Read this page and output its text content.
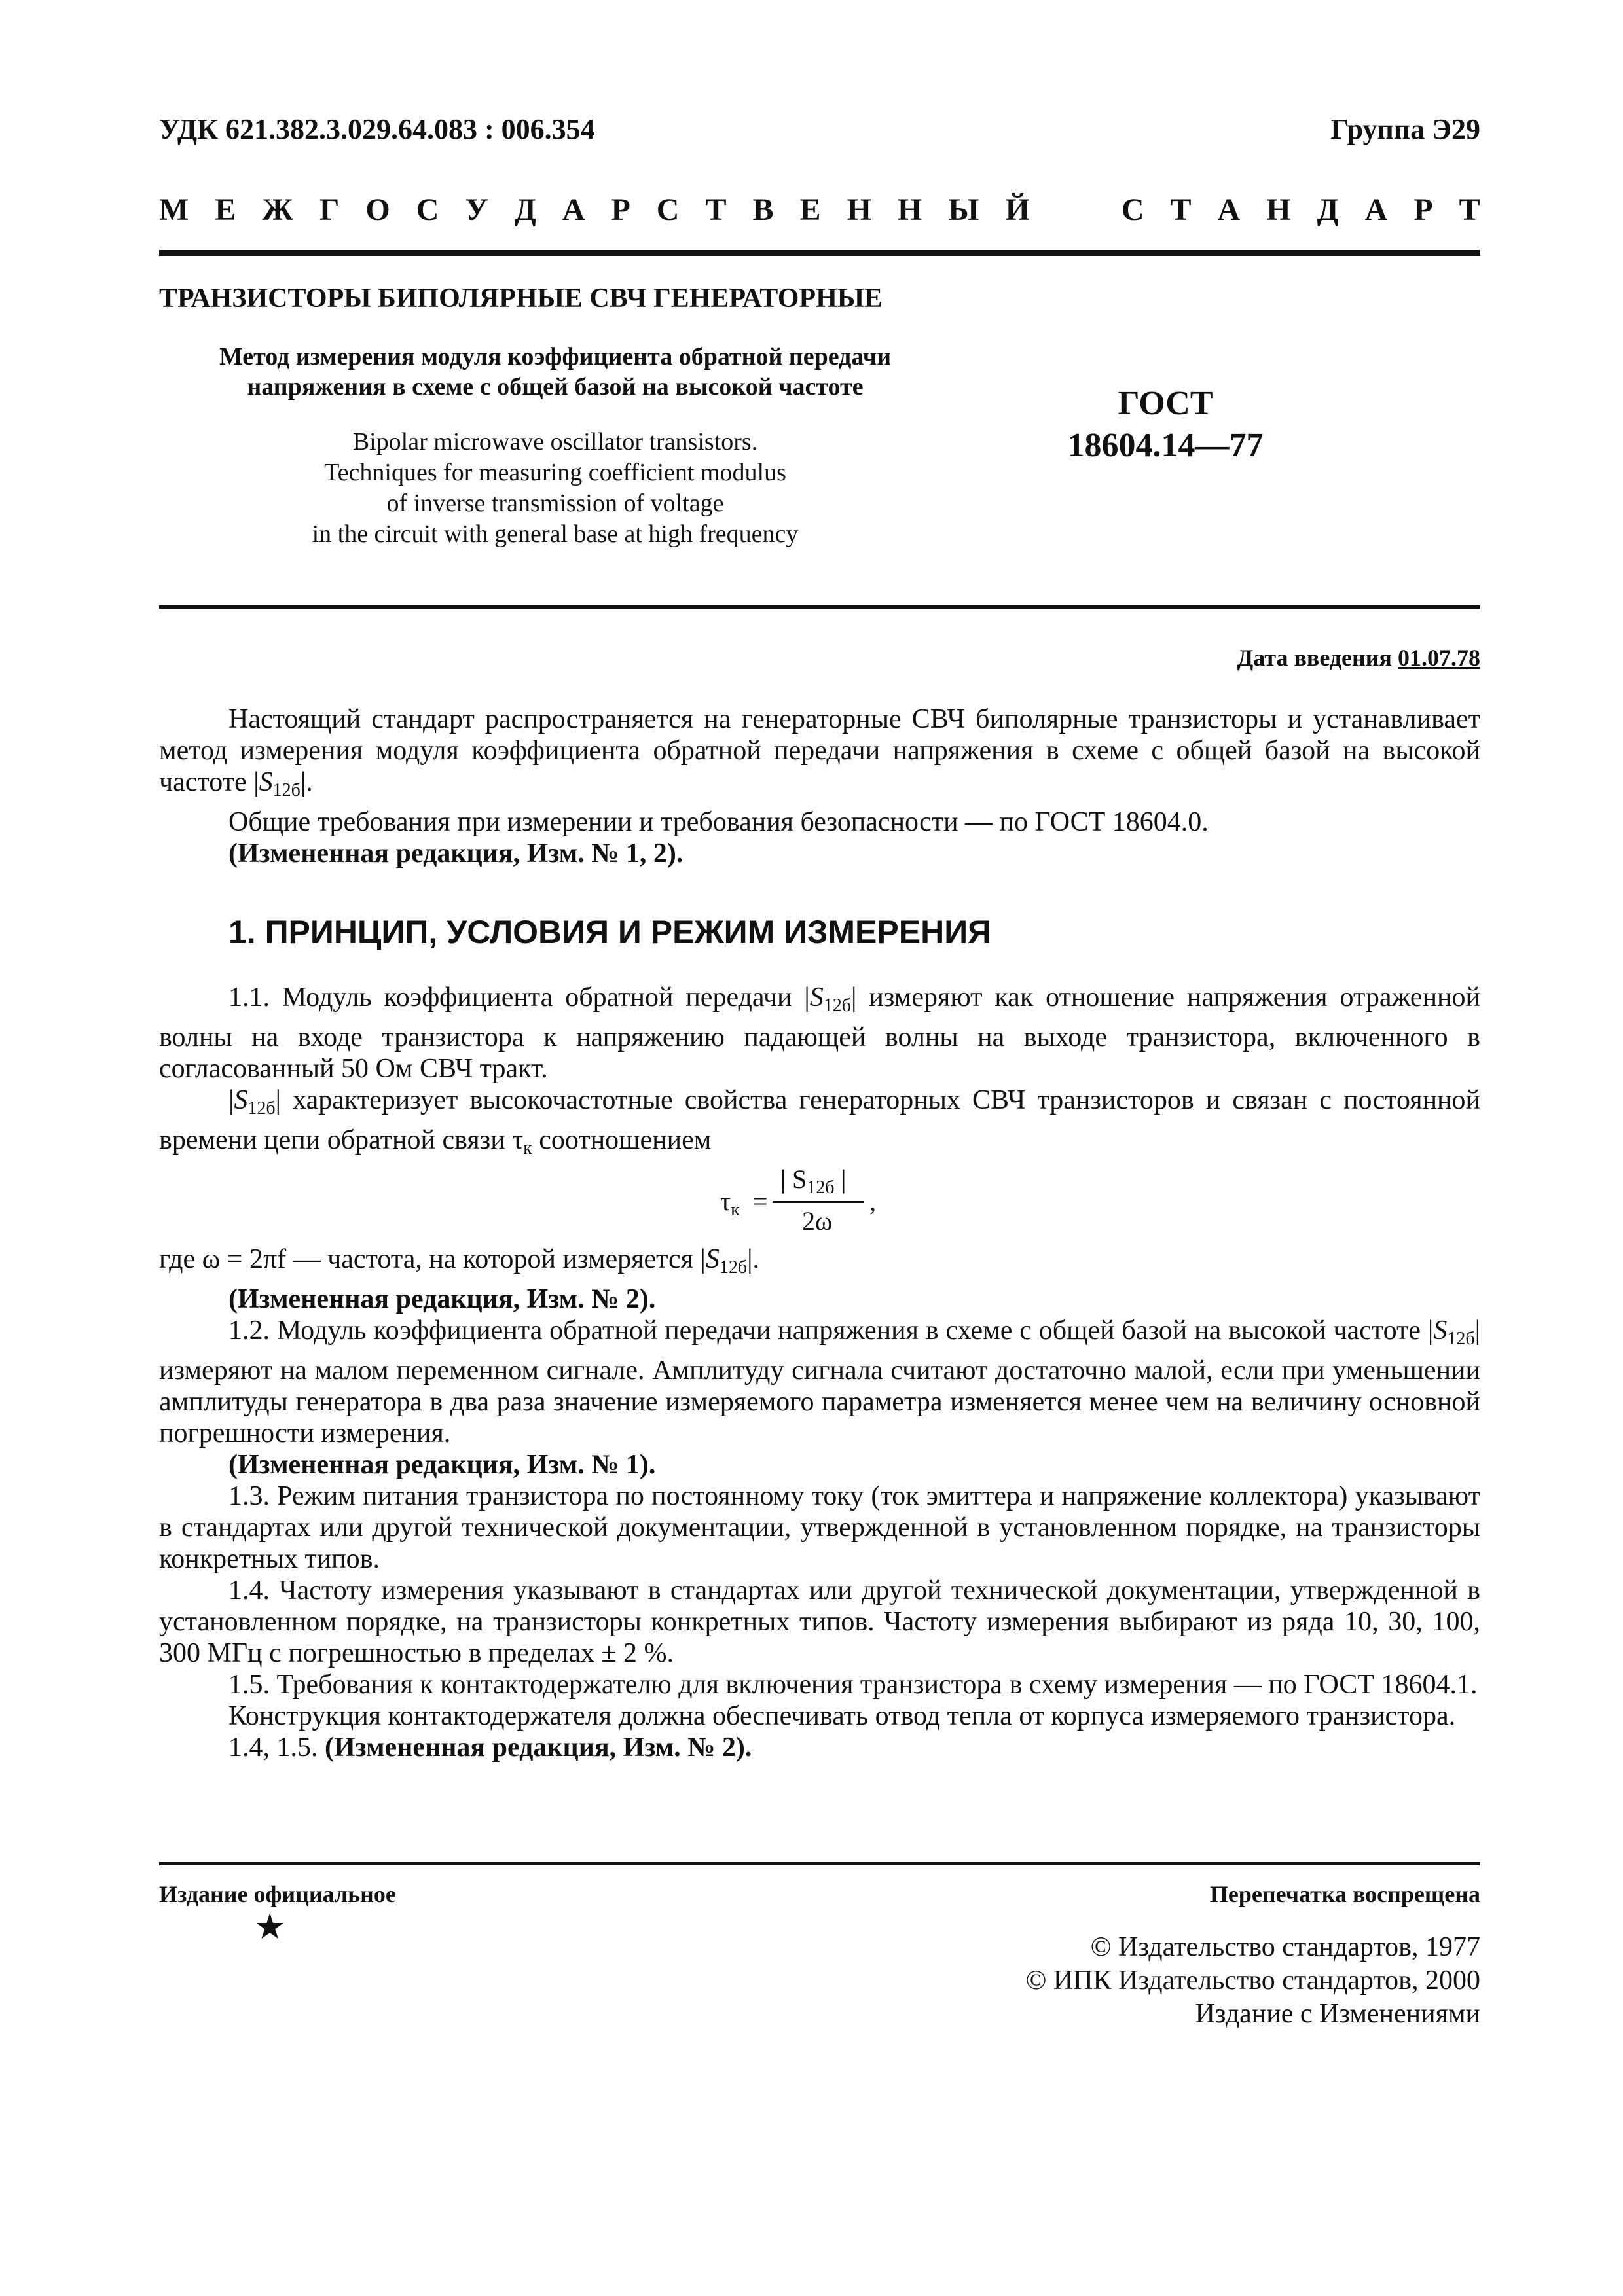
УДК 621.382.3.029.64.083 : 006.354	Группа Э29
М Е Ж Г О С У Д А Р С Т В Е Н Н Ы Й	С Т А Н Д А Р Т
ТРАНЗИСТОРЫ БИПОЛЯРНЫЕ СВЧ ГЕНЕРАТОРНЫЕ
Метод измерения модуля коэффициента обратной передачи
напряжения в схеме с общей базой на высокой частоте
Bipolar microwave oscillator transistors.
Techniques for measuring coefficient modulus
of inverse transmission of voltage
in the circuit with general base at high frequency
ГОСТ
18604.14—77
Дата введения 01.07.78

Настоящий стандарт распространяется на генераторные СВЧ биполярные транзисторы и устанавливает метод измерения модуля коэффициента обратной передачи напряжения в схеме с общей базой на высокой частоте $|S_{12б}|$.

Общие требования при измерении и требования безопасности — по ГОСТ 18604.0.

(Измененная редакция, Изм. № 1, 2).

1. ПРИНЦИП, УСЛОВИЯ И РЕЖИМ ИЗМЕРЕНИЯ

1.1. Модуль коэффициента обратной передачи $|S_{12б}|$ измеряют как отношение напряжения отраженной волны на входе транзистора к напряжению падающей волны на выходе транзистора, включенного в согласованный 50 Ом СВЧ тракт.

$|S_{12б}|$ характеризует высокочастотные свойства генераторных СВЧ транзисторов и связан с постоянной времени цепи обратной связи $\tau_к$ соотношением

$\tau_к$ =
| $S_{12б}$ |
2ω
,

где ω = 2πf — частота, на которой измеряется $|S_{12б}|$.

(Измененная редакция, Изм. № 2).

1.2. Модуль коэффициента обратной передачи напряжения в схеме с общей базой на высокой частоте $|S_{12б}|$ измеряют на малом переменном сигнале. Амплитуду сигнала считают достаточно малой, если при уменьшении амплитуды генератора в два раза значение измеряемого параметра изменяется менее чем на величину основной погрешности измерения.

(Измененная редакция, Изм. № 1).

1.3. Режим питания транзистора по постоянному току (ток эмиттера и напряжение коллектора) указывают в стандартах или другой технической документации, утвержденной в установленном порядке, на транзисторы конкретных типов.

1.4. Частоту измерения указывают в стандартах или другой технической документации, утвержденной в установленном порядке, на транзисторы конкретных типов. Частоту измерения выбирают из ряда 10, 30, 100, 300 МГц с погрешностью в пределах ± 2 %.

1.5. Требования к контактодержателю для включения транзистора в схему измерения — по ГОСТ 18604.1.

Конструкция контактодержателя должна обеспечивать отвод тепла от корпуса измеряемого транзистора.

1.4, 1.5. (Измененная редакция, Изм. № 2).

Издание официальное	Перепечатка воспрещена
★
© Издательство стандартов, 1977
© ИПК Издательство стандартов, 2000
Издание с Изменениями
